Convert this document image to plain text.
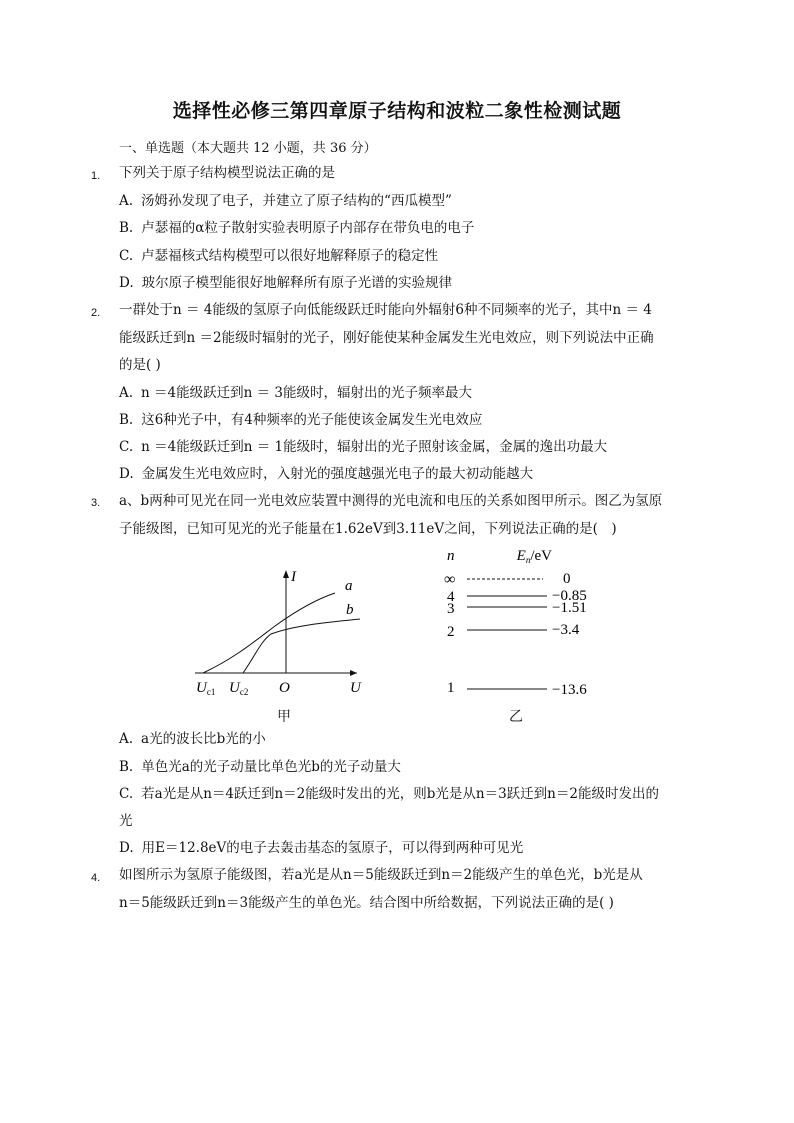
选择性必修三第四章原子结构和波粒二象性检测试题
一、单选题（本大题共 12 小题，共 36 分）
1. 下列关于原子结构模型说法正确的是
A. 汤姆孙发现了电子，并建立了原子结构的“西瓜模型”
B. 卢瑟福的α粒子散射实验表明原子内部存在带负电的电子
C. 卢瑟福核式结构模型可以很好地解释原子的稳定性
D. 玻尔原子模型能很好地解释所有原子光谱的实验规律
2. 一群处于n ＝ 4能级的氢原子向低能级跃迁时能向外辐射6种不同频率的光子，其中n ＝ 4
能级跃迁到n ＝2能级时辐射的光子，刚好能使某种金属发生光电效应，则下列说法中正确
的是( )
A. n ＝4能级跃迁到n ＝ 3能级时，辐射出的光子频率最大
B. 这6种光子中，有4种频率的光子能使该金属发生光电效应
C. n ＝4能级跃迁到n ＝ 1能级时，辐射出的光子照射该金属，金属的逸出功最大
D. 金属发生光电效应时，入射光的强度越强光电子的最大初动能越大
3. a、b两种可见光在同一光电效应装置中测得的光电流和电压的关系如图甲所示。图乙为氢原
子能级图，已知可见光的光子能量在1.62eV到3.11eV之间，下列说法正确的是(　)
I
a
b
O	U
$U_{c1}$ $U_{c2}$
n	$E_n/eV$
∞	0
4	−0.85
3	−1.51
2	−3.4
1	−13.6
甲	乙
A. a光的波长比b光的小
B. 单色光a的光子动量比单色光b的光子动量大
C. 若a光是从n＝4跃迁到n＝2能级时发出的光，则b光是从n＝3跃迁到n＝2能级时发出的
光
D. 用E＝12.8eV的电子去轰击基态的氢原子，可以得到两种可见光
4. 如图所示为氢原子能级图，若a光是从n＝5能级跃迁到n＝2能级产生的单色光，b光是从
n＝5能级跃迁到n＝3能级产生的单色光。结合图中所给数据，下列说法正确的是( )
